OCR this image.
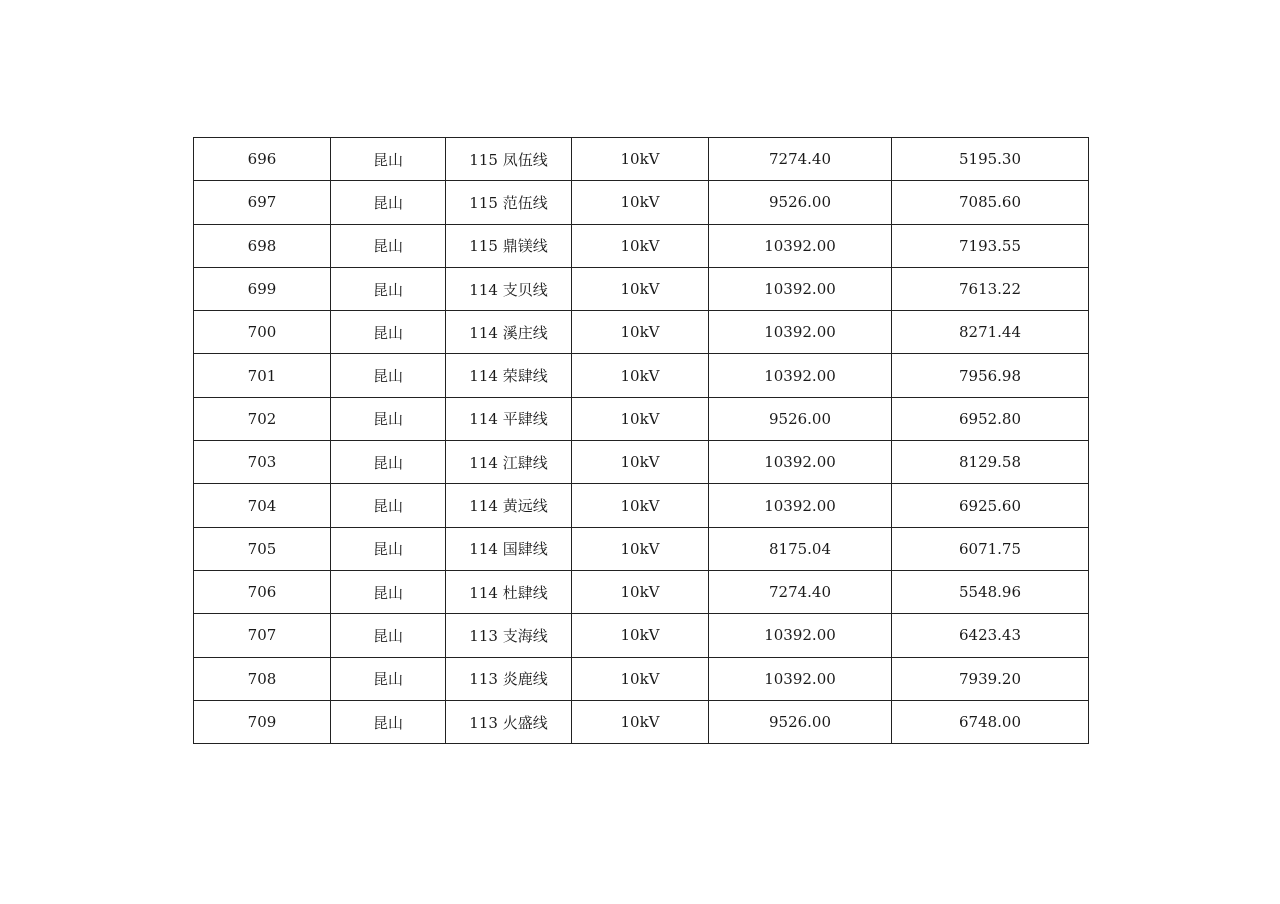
696	昆山	115 凤伍线	10kV	7274.40	5195.30
697	昆山	115 范伍线	10kV	9526.00	7085.60
698	昆山	115 鼎镁线	10kV	10392.00	7193.55
699	昆山	114 支贝线	10kV	10392.00	7613.22
700	昆山	114 溪庄线	10kV	10392.00	8271.44
701	昆山	114 荣肆线	10kV	10392.00	7956.98
702	昆山	114 平肆线	10kV	9526.00	6952.80
703	昆山	114 江肆线	10kV	10392.00	8129.58
704	昆山	114 黄远线	10kV	10392.00	6925.60
705	昆山	114 国肆线	10kV	8175.04	6071.75
706	昆山	114 杜肆线	10kV	7274.40	5548.96
707	昆山	113 支海线	10kV	10392.00	6423.43
708	昆山	113 炎鹿线	10kV	10392.00	7939.20
709	昆山	113 火盛线	10kV	9526.00	6748.00
